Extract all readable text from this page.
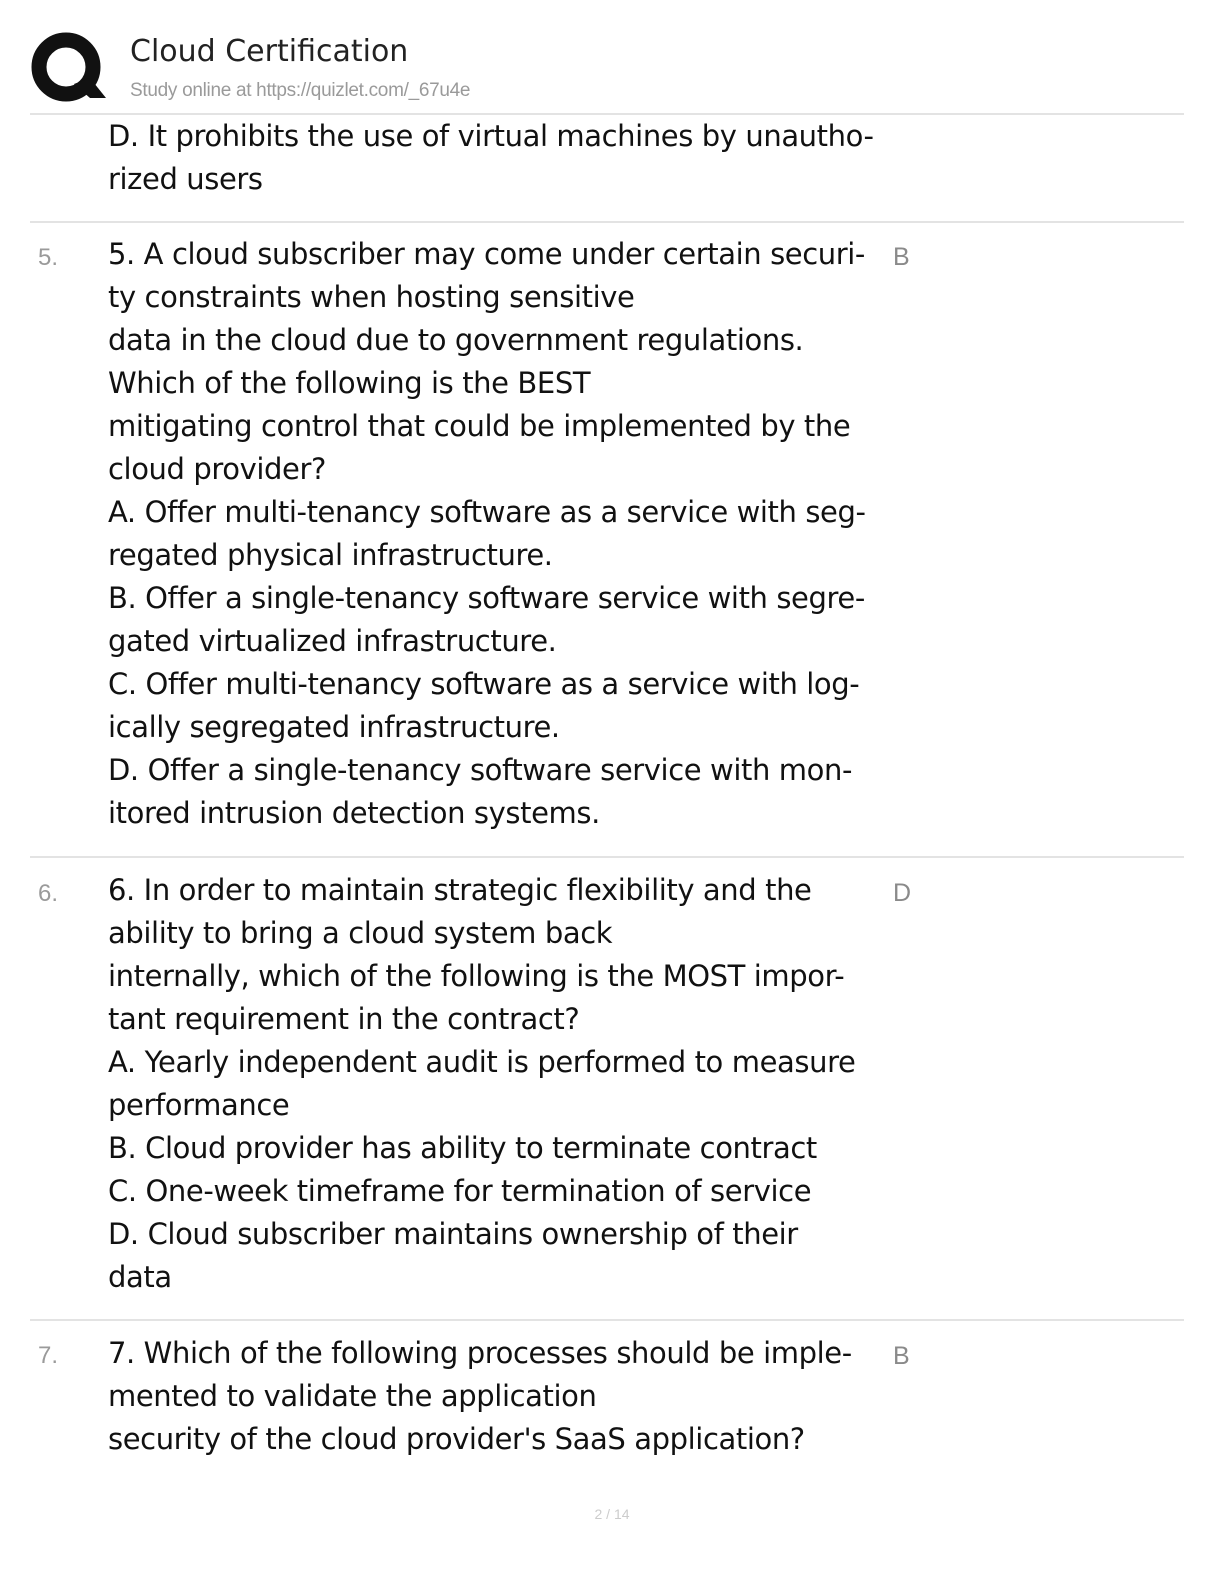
Cloud Certification
Study online at https://quizlet.com/_67u4e
D. It prohibits the use of virtual machines by unautho-
rized users
5.	B
5. A cloud subscriber may come under certain securi-
ty constraints when hosting sensitive
data in the cloud due to government regulations.
Which of the following is the BEST
mitigating control that could be implemented by the
cloud provider?
A. Offer multi-tenancy software as a service with seg-
regated physical infrastructure.
B. Offer a single-tenancy software service with segre-
gated virtualized infrastructure.
C. Offer multi-tenancy software as a service with log-
ically segregated infrastructure.
D. Offer a single-tenancy software service with mon-
itored intrusion detection systems.
6.	D
6. In order to maintain strategic flexibility and the
ability to bring a cloud system back
internally, which of the following is the MOST impor-
tant requirement in the contract?
A. Yearly independent audit is performed to measure
performance
B. Cloud provider has ability to terminate contract
C. One-week timeframe for termination of service
D. Cloud subscriber maintains ownership of their
data
7.	B
7. Which of the following processes should be imple-
mented to validate the application
security of the cloud provider's SaaS application?
2 / 14
